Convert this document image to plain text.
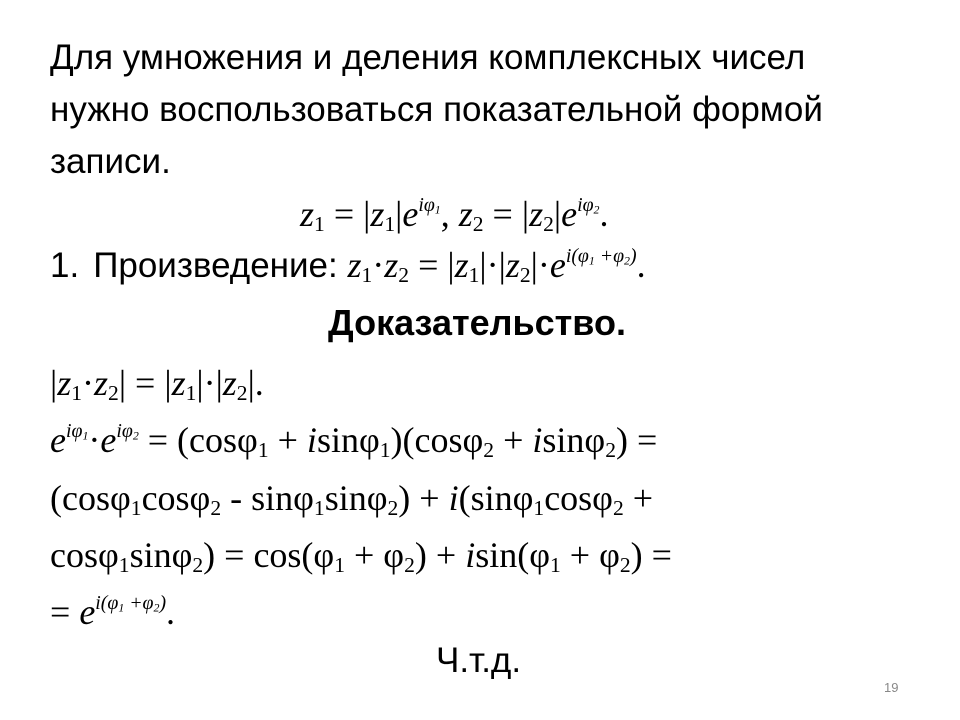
Для умножения и деления комплексных чисел
нужно воспользоваться показательной формой
записи.
$z_1 = |z_1|e^{i\varphi_1}$, $z_2 = |z_2|e^{i\varphi_2}$.
1. Произведение: $z_1\cdot z_2 = |z_1|\cdot|z_2|\cdot e^{i(\varphi_1 +\varphi_2)}$.
Доказательство.
$|z_1\cdot z_2| = |z_1|\cdot|z_2|$.
$e^{i\varphi_1}\cdot e^{i\varphi_2} = (\cos\varphi_1 + isin\varphi_1)(\cos\varphi_2 + isin\varphi_2)$ =
(cosφ$_1$cosφ$_2$ - sinφ$_1$sinφ$_2$) + i(sinφ$_1$cosφ$_2$ +
$\cos\varphi_1\sin\varphi_2) = \cos(\varphi_1 + \varphi_2) + isin(\varphi_1 + \varphi_2)$ =
= $e^{i(\varphi_1 +\varphi_2)}$.
Ч.т.д.
19
